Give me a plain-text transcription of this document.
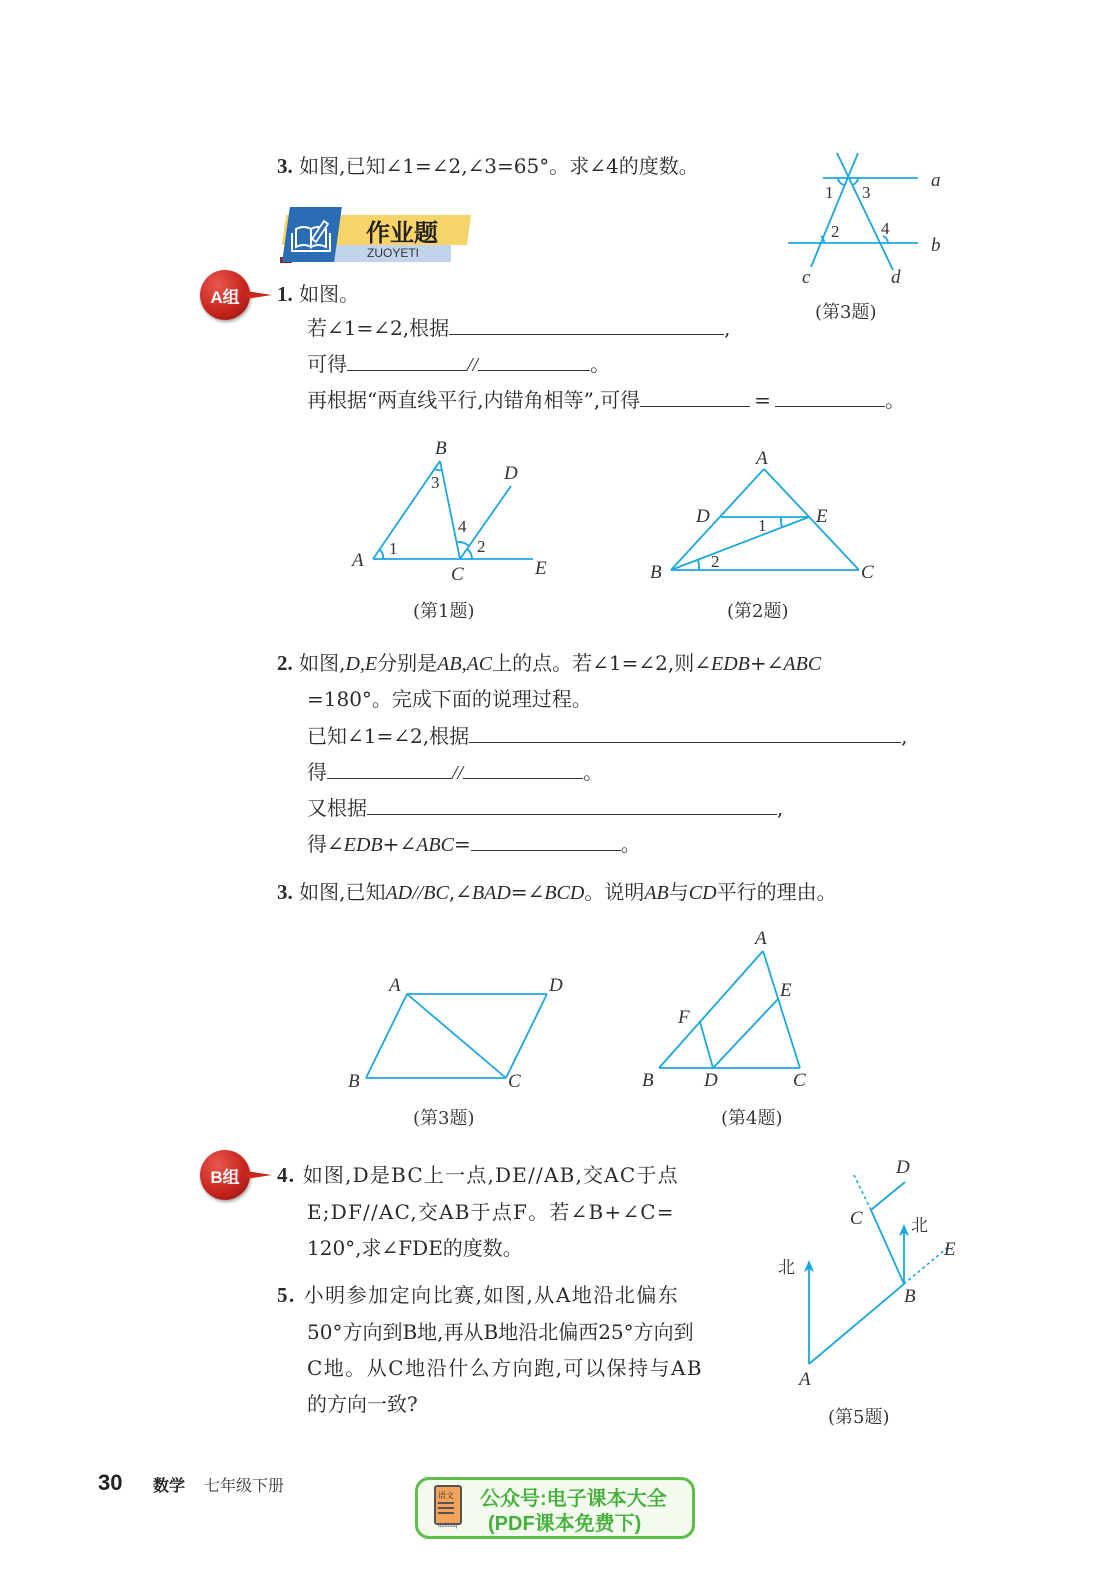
3. 如图,已知∠1=∠2,∠3=65°。求∠4的度数。
1 3
2 4
a
b
c	d
(第3题)
作业题
ZUOYETI
A组	1. 如图。
若∠1=∠2,根据	,
可得	//	。
再根据“两直线平行,内错角相等”,可得	=	。
1
3
4
2
A
B
C
D
E
(第1题)
1
2
A
B	C
D	E
(第2题)
2. 如图,D,E分别是AB,AC上的点。若∠1=∠2,则∠EDB+∠ABC
=180°。完成下面的说理过程。
已知∠1=∠2,根据	,
得	//	。
又根据	,
得∠EDB+∠ABC=	。
3. 如图,已知AD//BC,∠BAD=∠BCD。说明AB与CD平行的理由。
A
B	C
D
(第3题)
A
B	C
D
E
F
(第4题)
B组	4. 如图,D是BC上一点,DE//AB,交AC于点
E;DF//AC,交AB于点F。若∠B+∠C=
120°,求∠FDE的度数。
5. 小明参加定向比赛,如图,从A地沿北偏东
50°方向到B地,再从B地沿北偏西25°方向到
C地。从C地沿什么方向跑,可以保持与AB
的方向一致?
A
B
C
D
E
北
北
(第5题)
30 数学 七年级下册
语文
dzkbdq
公众号:电子课本大全
(PDF课本免费下)
